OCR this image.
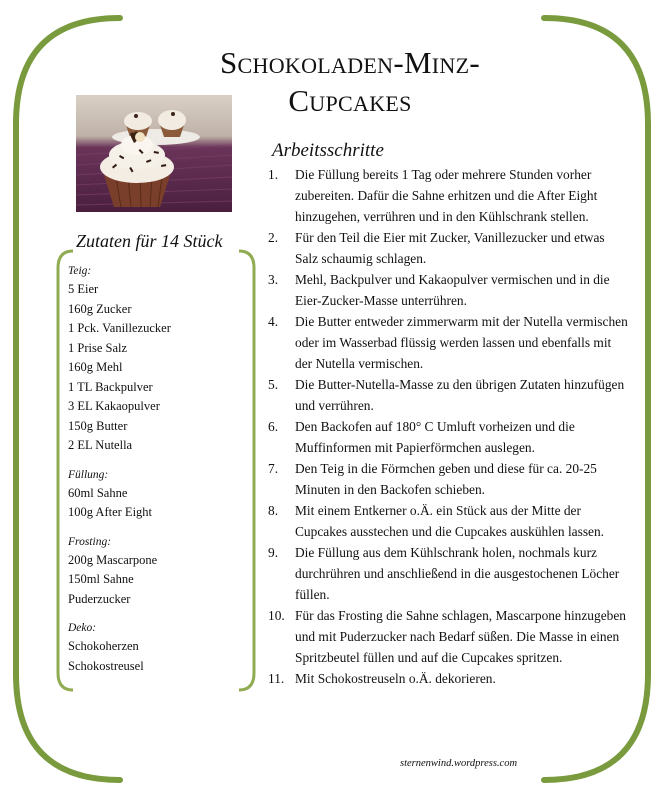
Schokoladen-Minz-
Cupcakes
Zutaten für 14 Stück
Teig:
5 Eier
160g Zucker
1 Pck. Vanillezucker
1 Prise Salz
160g Mehl
1 TL Backpulver
3 EL Kakaopulver
150g Butter
2 EL Nutella
Füllung:
60ml Sahne
100g After Eight
Frosting:
200g Mascarpone
150ml Sahne
Puderzucker
Deko:
Schokoherzen
Schokostreusel
Arbeitsschritte
1. Die Füllung bereits 1 Tag oder mehrere Stunden vorher zubereiten. Dafür die Sahne erhitzen und die After Eight hinzugehen, verrühren und in den Kühlschrank stellen.
2. Für den Teil die Eier mit Zucker, Vanillezucker und etwas Salz schaumig schlagen.
3. Mehl, Backpulver und Kakaopulver vermischen und in die Eier-Zucker-Masse unterrühren.
4. Die Butter entweder zimmerwarm mit der Nutella vermischen oder im Wasserbad flüssig werden lassen und ebenfalls mit der Nutella vermischen.
5. Die Butter-Nutella-Masse zu den übrigen Zutaten hinzufügen und verrühren.
6. Den Backofen auf 180° C Umluft vorheizen und die Muffinformen mit Papierförmchen auslegen.
7. Den Teig in die Förmchen geben und diese für ca. 20-25 Minuten in den Backofen schieben.
8. Mit einem Entkerner o.Ä. ein Stück aus der Mitte der Cupcakes ausstechen und die Cupcakes auskühlen lassen.
9. Die Füllung aus dem Kühlschrank holen, nochmals kurz durchrühren und anschließend in die ausgestochenen Löcher füllen.
10. Für das Frosting die Sahne schlagen, Mascarpone hinzugeben und mit Puderzucker nach Bedarf süßen. Die Masse in einen Spritzbeutel füllen und auf die Cupcakes spritzen.
11. Mit Schokostreuseln o.Ä. dekorieren.
sternenwind.wordpress.com
